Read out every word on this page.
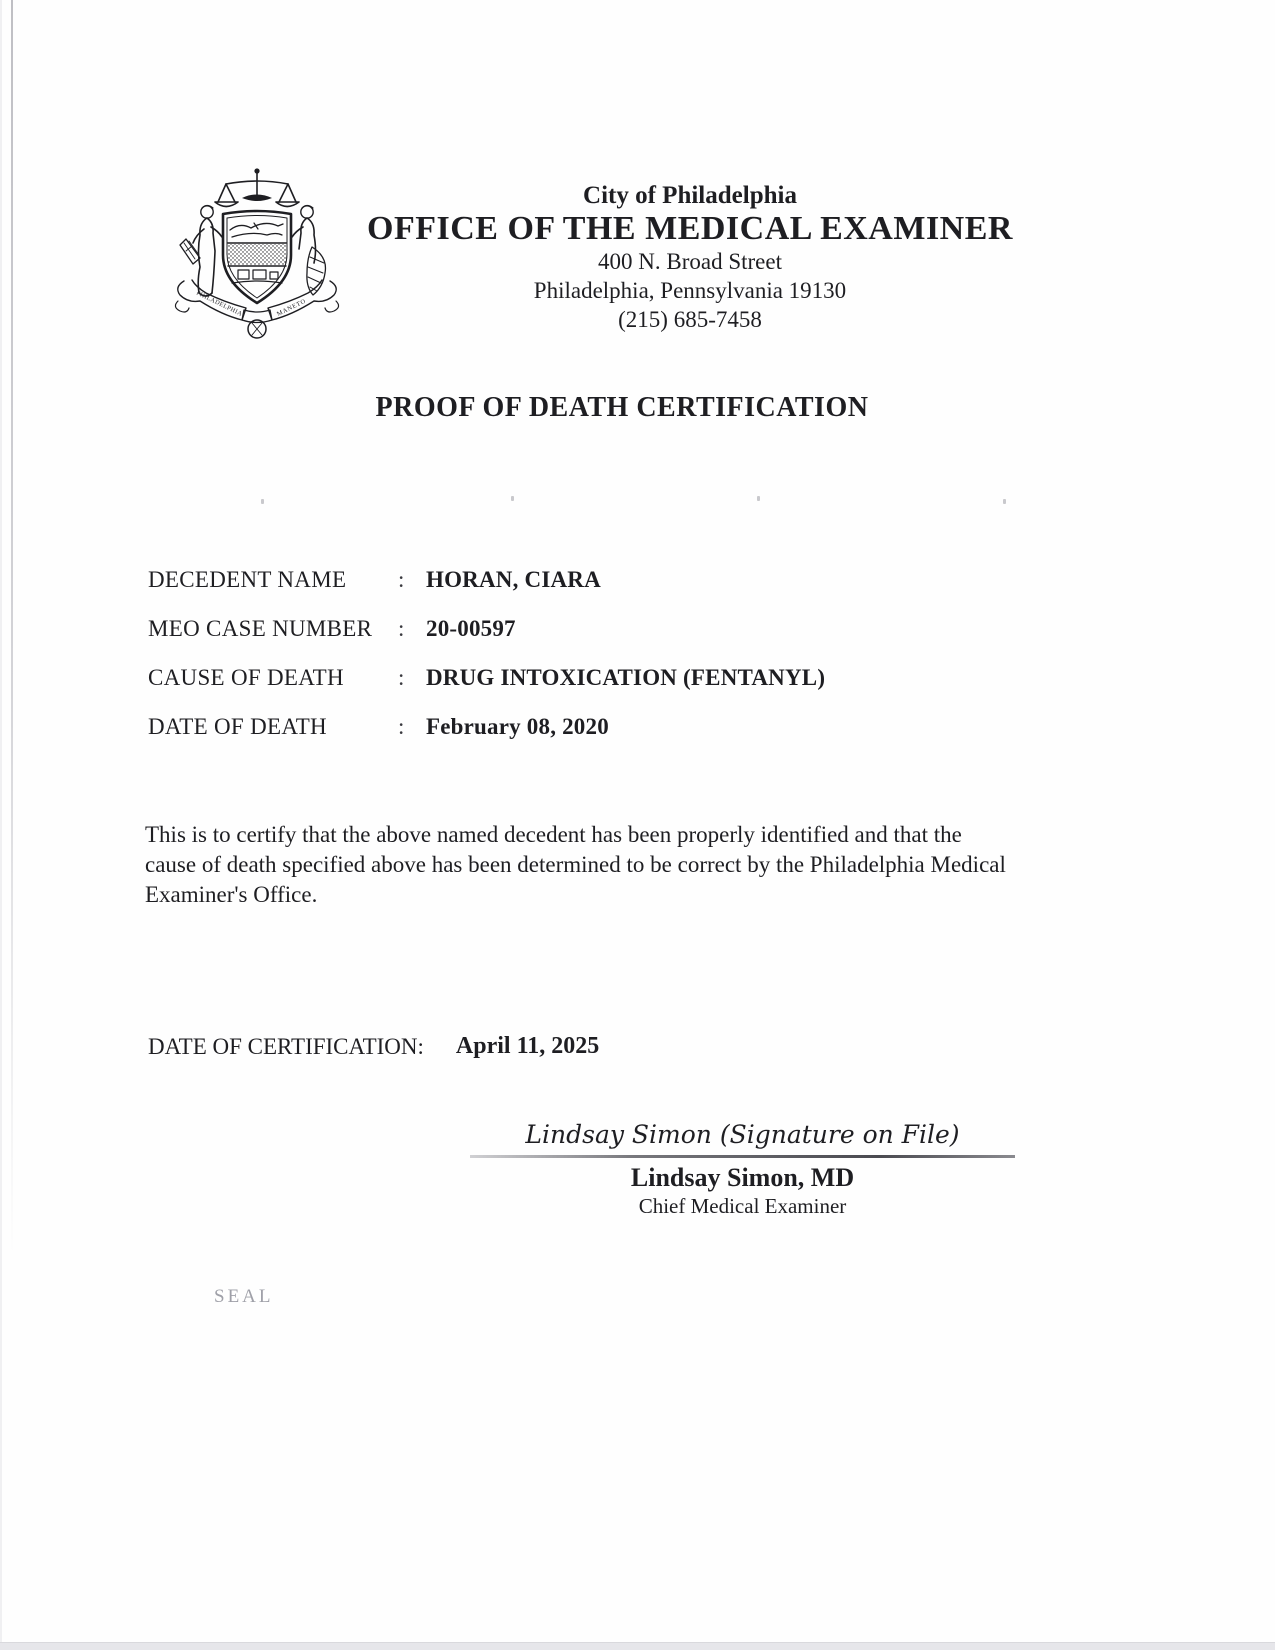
PHILADELPHIA	MANETO
City of Philadelphia
OFFICE OF THE MEDICAL EXAMINER
400 N. Broad Street
Philadelphia, Pennsylvania 19130
(215) 685-7458
PROOF OF DEATH CERTIFICATION
DECEDENT NAME	: HORAN, CIARA
MEO CASE NUMBER	: 20-00597
CAUSE OF DEATH	: DRUG INTOXICATION (FENTANYL)
DATE OF DEATH	: February 08, 2020

This is to certify that the above named decedent has been properly identified and that the cause of death specified above has been determined to be correct by the Philadelphia Medical Examiner's Office.

DATE OF CERTIFICATION: April 11, 2025
Lindsay Simon (Signature on File)
Lindsay Simon, MD
Chief Medical Examiner
SEAL
